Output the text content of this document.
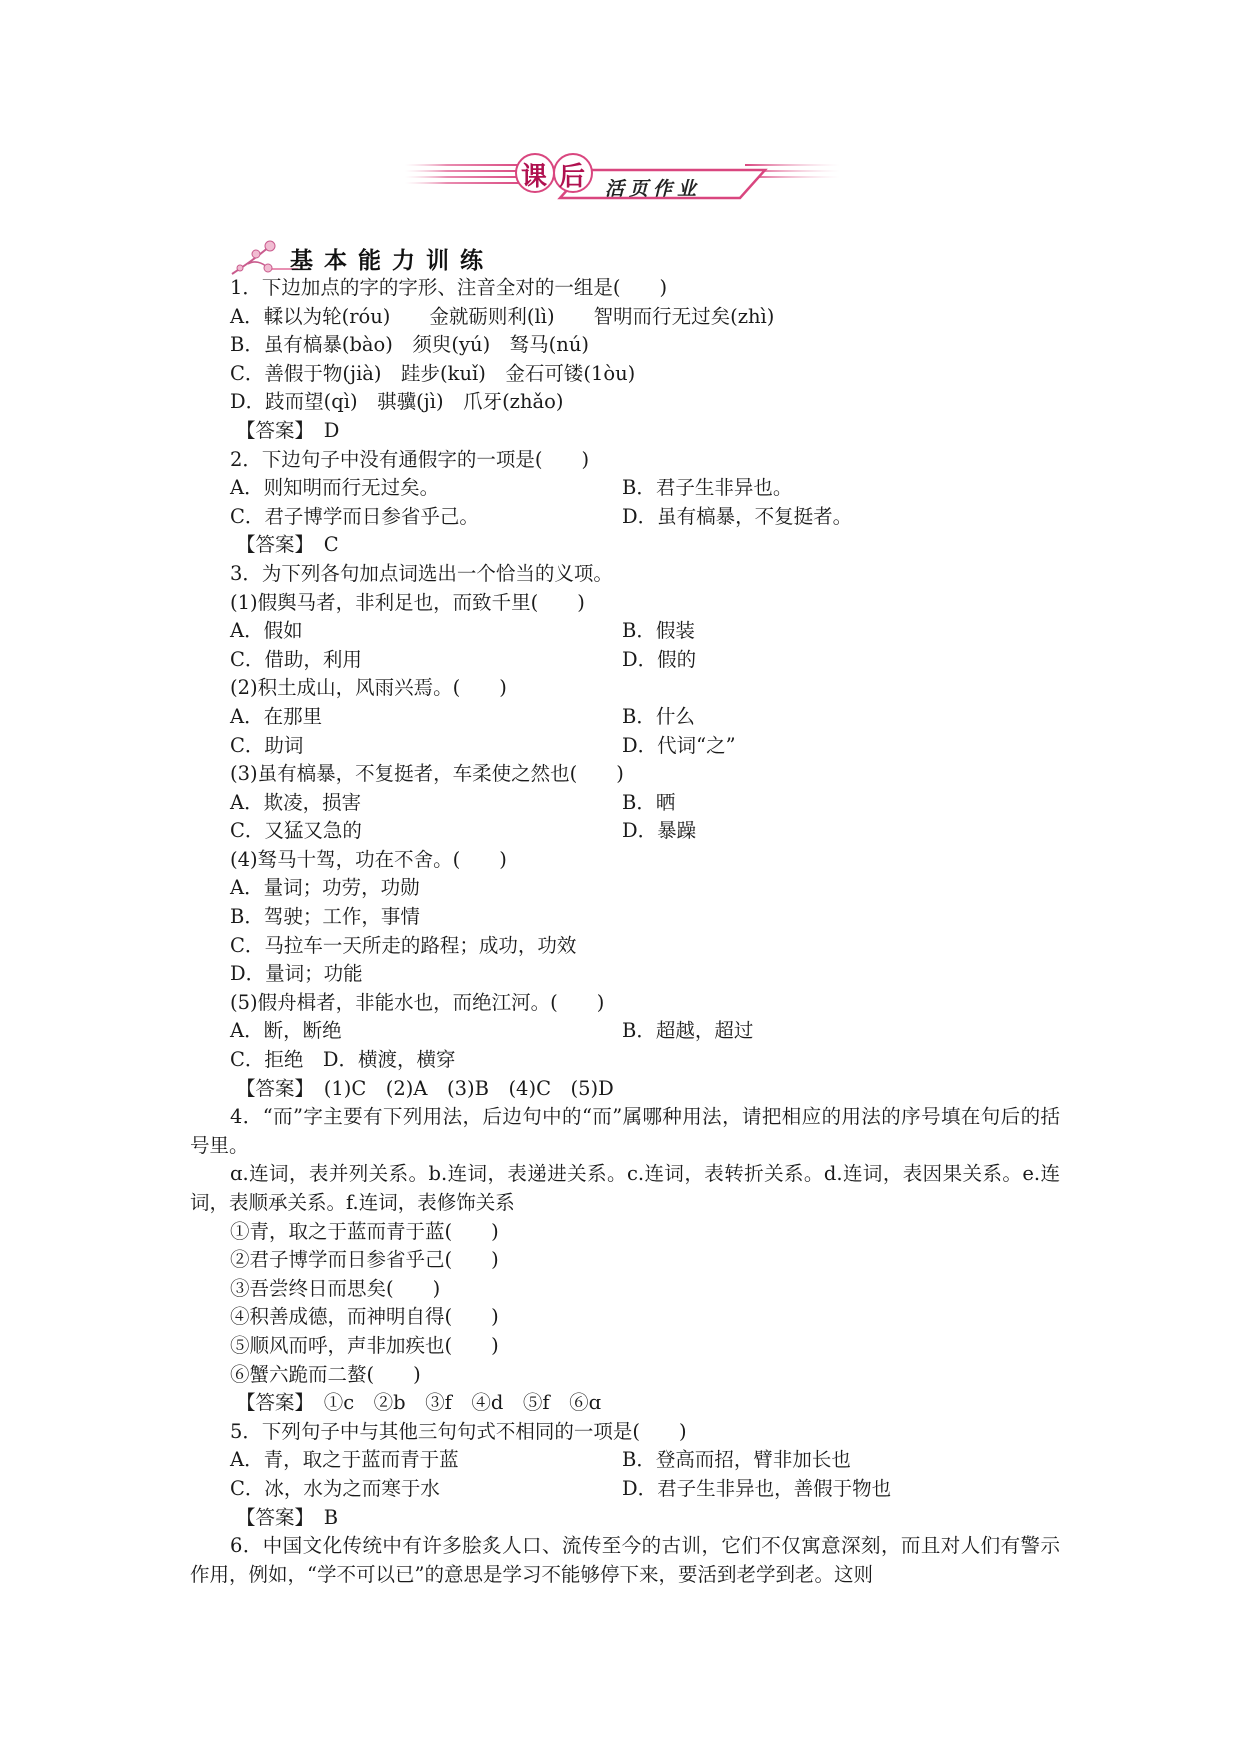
课 后 活页作业
基本能力训练
1．下边加点的字的字形、注音全对的一组是(　　)
A．輮以为轮(róu)　　金就砺则利(lì)　　智明而行无过矣(zhì)
B．虽有槁暴(bào)　须臾(yú)　驽马(nú)
C．善假于物(jià)　跬步(kuǐ)　金石可镂(1òu)
D．跂而望(qì)　骐骥(jì)　爪牙(zhǎo)
【答案】　D
2．下边句子中没有通假字的一项是(　　)
A．则知明而行无过矣。	B．君子生非异也。
C．君子博学而日参省乎己。	D．虽有槁暴，不复挺者。
【答案】　C
3．为下列各句加点词选出一个恰当的义项。
(1)假舆马者，非利足也，而致千里(　　)
A．假如	B．假装
C．借助，利用	D．假的
(2)积土成山，风雨兴焉。(　　)
A．在那里	B．什么
C．助词	D．代词“之”
(3)虽有槁暴，不复挺者，车柔使之然也(　　)
A．欺凌，损害	B．晒
C．又猛又急的	D．暴躁
(4)驽马十驾，功在不舍。(　　)
A．量词；功劳，功勋
B．驾驶；工作，事情
C．马拉车一天所走的路程；成功，功效
D．量词；功能
(5)假舟楫者，非能水也，而绝江河。(　　)
A．断，断绝	B．超越，超过
C．拒绝　D．横渡，横穿
【答案】　(1)C　(2)A　(3)B　(4)C　(5)D
4．“而”字主要有下列用法，后边句中的“而”属哪种用法，请把相应的用法的序号填在句后的括号里。
ɑ.连词，表并列关系。b.连词，表递进关系。c.连词，表转折关系。d.连词，表因果关系。e.连词，表顺承关系。f.连词，表修饰关系
①青，取之于蓝而青于蓝(　　)
②君子博学而日参省乎己(　　)
③吾尝终日而思矣(　　)
④积善成德，而神明自得(　　)
⑤顺风而呼，声非加疾也(　　)
⑥蟹六跪而二螯(　　)
【答案】　①c　②b　③f　④d　⑤f　⑥ɑ
5．下列句子中与其他三句句式不相同的一项是(　　)
A．青，取之于蓝而青于蓝	B．登高而招，臂非加长也
C．冰，水为之而寒于水	D．君子生非异也，善假于物也
【答案】　B
6．中国文化传统中有许多脍炙人口、流传至今的古训，它们不仅寓意深刻，而且对人们有警示作用，例如，“学不可以已”的意思是学习不能够停下来，要活到老学到老。这则
